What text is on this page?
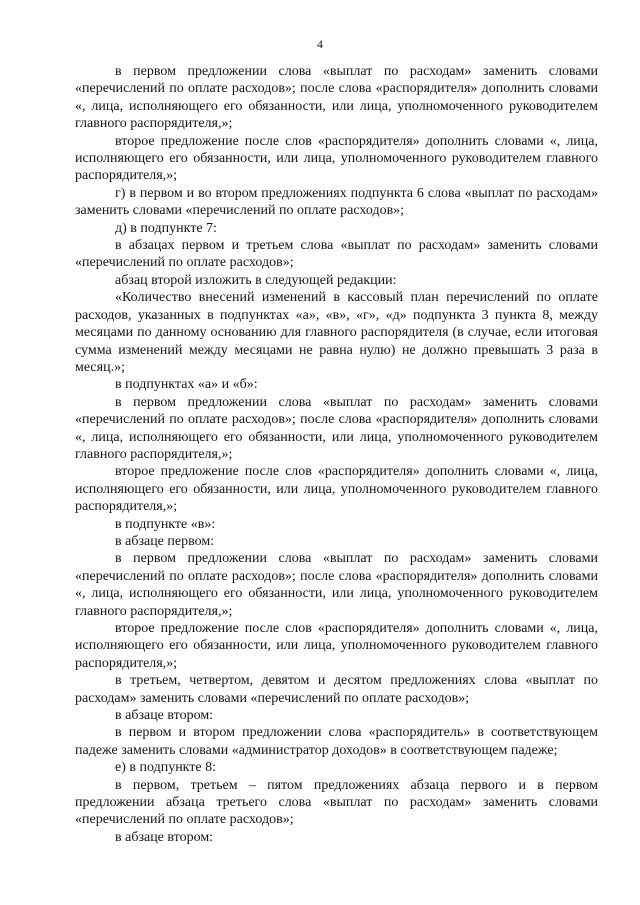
4

в первом предложении слова «выплат по расходам» заменить словами «перечислений по оплате расходов»; после слова «распорядителя» дополнить словами «, лица, исполняющего его обязанности, или лица, уполномоченного руководителем главного распорядителя,»;

второе предложение после слов «распорядителя» дополнить словами «, лица, исполняющего его обязанности, или лица, уполномоченного руководителем главного распорядителя,»;

г) в первом и во втором предложениях подпункта 6 слова «выплат по расходам» заменить словами «перечислений по оплате расходов»;

д) в подпункте 7:

в абзацах первом и третьем слова «выплат по расходам» заменить словами «перечислений по оплате расходов»;

абзац второй изложить в следующей редакции:

«Количество внесений изменений в кассовый план перечислений по оплате расходов, указанных в подпунктах «а», «в», «г», «д» подпункта 3 пункта 8, между месяцами по данному основанию для главного распорядителя (в случае, если итоговая сумма изменений между месяцами не равна нулю) не должно превышать 3 раза в месяц.»;

в подпунктах «а» и «б»:

в первом предложении слова «выплат по расходам» заменить словами «перечислений по оплате расходов»; после слова «распорядителя» дополнить словами «, лица, исполняющего его обязанности, или лица, уполномоченного руководителем главного распорядителя,»;

второе предложение после слов «распорядителя» дополнить словами «, лица, исполняющего его обязанности, или лица, уполномоченного руководителем главного распорядителя,»;

в подпункте «в»:

в абзаце первом:

в первом предложении слова «выплат по расходам» заменить словами «перечислений по оплате расходов»; после слова «распорядителя» дополнить словами «, лица, исполняющего его обязанности, или лица, уполномоченного руководителем главного распорядителя,»;

второе предложение после слов «распорядителя» дополнить словами «, лица, исполняющего его обязанности, или лица, уполномоченного руководителем главного распорядителя,»;

в третьем, четвертом, девятом и десятом предложениях слова «выплат по расходам» заменить словами «перечислений по оплате расходов»;

в абзаце втором:

в первом и втором предложении слова «распорядитель» в соответствующем падеже заменить словами «администратор доходов» в соответствующем падеже;

е) в подпункте 8:

в первом, третьем – пятом предложениях абзаца первого и в первом предложении абзаца третьего слова «выплат по расходам» заменить словами «перечислений по оплате расходов»;

в абзаце втором:
